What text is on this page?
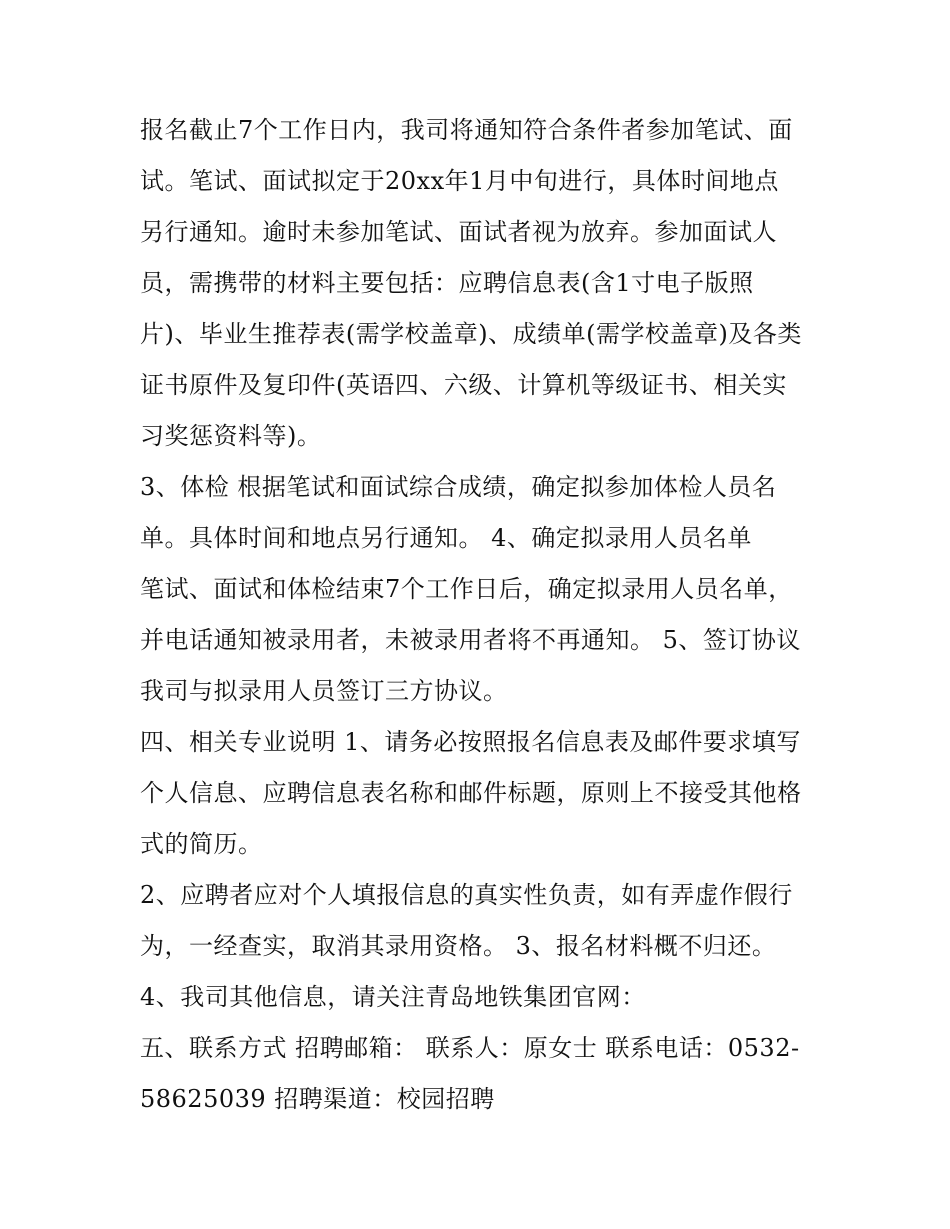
报名截止7个工作日内，我司将通知符合条件者参加笔试、面
试。笔试、面试拟定于20xx年1月中旬进行，具体时间地点
另行通知。逾时未参加笔试、面试者视为放弃。参加面试人
员，需携带的材料主要包括：应聘信息表(含1寸电子版照
片)、毕业生推荐表(需学校盖章)、成绩单(需学校盖章)及各类
证书原件及复印件(英语四、六级、计算机等级证书、相关实
习奖惩资料等)。
3、体检 根据笔试和面试综合成绩，确定拟参加体检人员名
单。具体时间和地点另行通知。 4、确定拟录用人员名单
笔试、面试和体检结束7个工作日后，确定拟录用人员名单，
并电话通知被录用者，未被录用者将不再通知。 5、签订协议
我司与拟录用人员签订三方协议。
四、相关专业说明 1、请务必按照报名信息表及邮件要求填写
个人信息、应聘信息表名称和邮件标题，原则上不接受其他格
式的简历。
2、应聘者应对个人填报信息的真实性负责，如有弄虚作假行
为，一经查实，取消其录用资格。 3、报名材料概不归还。
4、我司其他信息，请关注青岛地铁集团官网：
五、联系方式 招聘邮箱： 联系人：原女士 联系电话：0532-
58625039 招聘渠道：校园招聘
